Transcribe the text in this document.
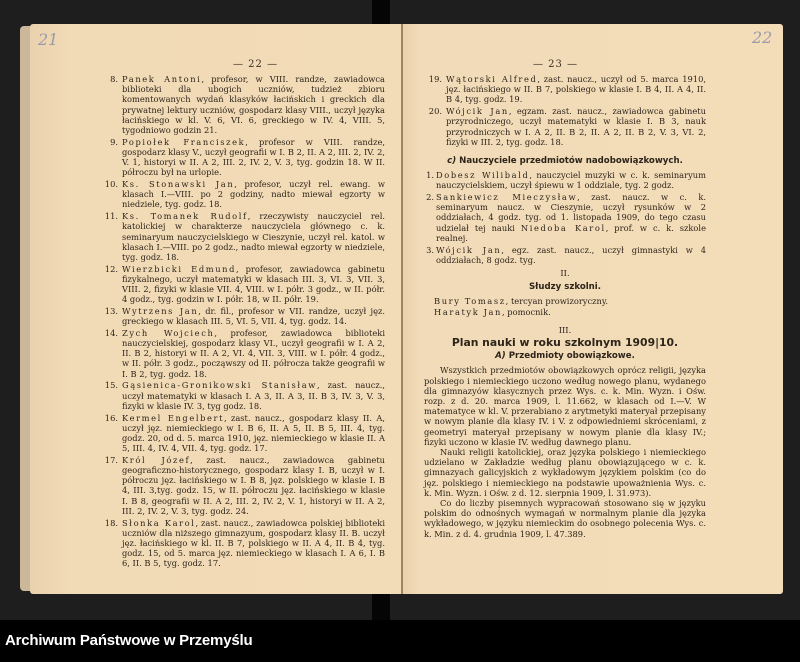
21	22
— 22 —	— 23 —
8. Panek Antoni, profesor, w VIII. randze, zawiadowca biblioteki dla ubogich uczniów, tudzież zbioru komentowanych wydań klasyków łacińskich i greckich dla prywatnej lektury uczniów, gospodarz klasy VIII., uczył języka łacińskiego w kl. V. 6, VI. 6, greckiego w IV. 4, VIII. 5, tygodniowo godzin 21.
9. Popiołek Franciszek, profesor w VIII. randze, gospodarz klasy V., uczył geografii w I. B 2, II. A 2, III. 2, IV. 2, V. 1, historyi w II. A 2, III. 2, IV. 2, V. 3, tyg. godzin 18. W II. półroczu był na urlopie.
10. Ks. Stonawski Jan, profesor, uczył rel. ewang. w klasach I.—VIII. po 2 godziny, nadto miewał egzorty w niedziele, tyg. godz. 18.
11. Ks. Tomanek Rudolf, rzeczywisty nauczyciel rel. katolickiej w charakterze nauczyciela głównego c. k. seminaryum nauczycielskiego w Cieszynie, uczył rel. katol. w klasach I.—VIII. po 2 godz., nadto miewał egzorty w niedziele, tyg. godz. 18.
12. Wierzbicki Edmund, profesor, zawiadowca gabinetu fizykalnego, uczył matematyki w klasach III. 3, VI. 3, VII. 3, VIII. 2, fizyki w klasie VII. 4, VIII. w I. półr. 3 godz., w II. półr. 4 godz., tyg. godzin w I. półr. 18, w II. półr. 19.
13. Wytrzens Jan, dr. fil., profesor w VII. randze, uczył jęz. greckiego w klasach III. 5, VI. 5, VII. 4, tyg. godz. 14.
14. Zych Wojciech, profesor, zawiadowca biblioteki nauczycielskiej, gospodarz klasy VI., uczył geografii w I. A 2, II. B 2, historyi w II. A 2, VI. 4, VII. 3, VIII. w I. półr. 4 godz., w II. półr. 3 godz., począwszy od II. półrocza także geografii w I. B 2, tyg. godz. 18.
15. Gąsienica-Gronikowski Stanisław, zast. naucz., uczył matematyki w klasach I. A 3, II. A 3, II. B 3, IV. 3, V. 3, fizyki w klasie IV. 3, tyg godz. 18.
16. Kermel Engelbert, zast. naucz., gospodarz klasy II. A, uczył jęz. niemieckiego w I. B 6, II. A 5, II. B 5, III. 4, tyg. godz. 20, od d. 5. marca 1910, jęz. niemieckiego w klasie II. A 5, III. 4, IV. 4, VII. 4, tyg. godz. 17.
17. Król Józef, zast. naucz., zawiadowca gabinetu geograficzno-historycznego, gospodarz klasy I. B, uczył w I. półroczu jęz. łacińskiego w I. B 8, jęz. polskiego w klasie I. B 4, III. 3,tyg. godz. 15, w II. półroczu jęz. łacińskiego w klasie I. B 8, geografii w II. A 2, III. 2, IV. 2, V. 1, historyi w II. A 2, III. 2, IV. 2, V. 3, tyg. godz. 24.
18. Słonka Karol, zast. naucz., zawiadowca polskiej biblioteki uczniów dla niższego gimnazyum, gospodarz klasy II. B. uczył jęz. łacińskiego w kl. II. B 7, polskiego w II. A 4, II. B 4, tyg. godz. 15, od 5. marca jęz. niemieckiego w klasach I. A 6, I. B 6, II. B 5, tyg. godz. 17.
19. Wątorski Alfred, zast. naucz., uczył od 5. marca 1910, jęz. łacińskiego w II. B 7, polskiego w klasie I. B 4, II. A 4, II. B 4, tyg. godz. 19.
20. Wójcik Jan, egzam. zast. naucz., zawiadowca gabinetu przyrodniczego, uczył matematyki w klasie I. B 3, nauk przyrodniczych w I. A 2, II. B 2, II. A 2, II. B 2, V. 3, VI. 2, fizyki w III. 2, tyg. godz. 18.
c) Nauczyciele przedmiotów nadobowiązkowych.
1. Dobesz Wilibald, nauczyciel muzyki w c. k. seminaryum nauczycielskiem, uczył śpiewu w 1 oddziale, tyg. 2 godz.
2. Sankiewicz Mieczysław, zast. naucz. w c. k. seminaryum naucz. w Cieszynie, uczył rysunków w 2 oddziałach, 4 godz. tyg. od 1. listopada 1909, do tego czasu udzielał tej nauki Niedoba Karol, prof. w c. k. szkole realnej.
3. Wójcik Jan, egz. zast. naucz., uczył gimnastyki w 4 oddziałach, 8 godz. tyg.
II.
Słudzy szkolni.
Bury Tomasz, tercyan prowizoryczny.
Haratyk Jan, pomocnik.
III.
Plan nauki w roku szkolnym 1909|10.
A) Przedmioty obowiązkowe.
Wszystkich przedmiotów obowiązkowych oprócz religii, języka polskiego i niemieckiego uczono według nowego planu, wydanego dla gimnazyów klasycznych przez Wys. c. k. Min. Wyzn. i Ośw. rozp. z d. 20. marca 1909, l. 11.662, w klasach od I.—V. W matematyce w kl. V. przerabiano z arytmetyki materyał przepisany w nowym planie dla klasy IV. i V. z odpowiedniemi skróceniami, z geometryi materyał przepisany w nowym planie dla klasy IV.; fizyki uczono w klasie IV. według dawnego planu.
Nauki religii katolickiej, oraz języka polskiego i niemieckiego udzielano w Zakładzie według planu obowiązującego w c. k. gimnazyach galicyjskich z wykładowym językiem polskim (co do jęz. polskiego i niemieckiego na podstawie upoważnienia Wys. c. k. Min. Wyzn. i Ośw. z d. 12. sierpnia 1909, l. 31.973).
Co do liczby pisemnych wypracowań stosowano się w języku polskim do odnośnych wymagań w normalnym planie dla języka wykładowego, w języku niemieckim do osobnego polecenia Wys. c. k. Min. z d. 4. grudnia 1909, l. 47.389.
Archiwum Państwowe w Przemyślu
